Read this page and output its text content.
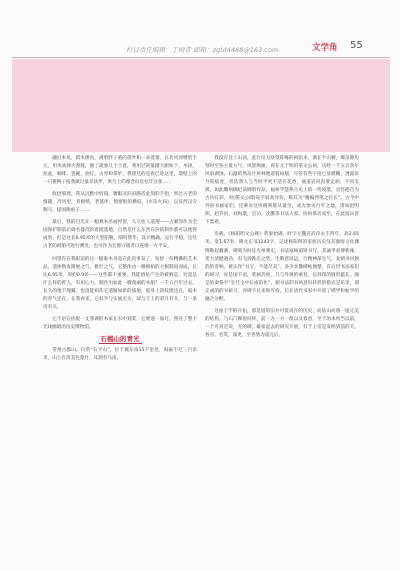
栏目责任编辑：丁雨青 邮箱：zgtd4488@163.com	文学角 55

翩打木鱼，摸木佛鱼，满脸胖子重的莲叶和一朵莲蕾。在北风卯赠的手元，用木质弹火窗缝，刚了就象几个土意，我用过的量踏大跟如下，木禄，泥盆，咖啡，瓷碗，油灯，古琴和茶炉，我迷还的是看已迎这里，墙壁上的一只锥鸭子报我做过量差伙伴，果乃上的理念归息往年这张……

收拾那理，我从沉默中坍塌，腰眼凉汩汩静活此刻的手指，所过古老的情趣，冷风里，青板嘻，老墓坪，数窗框的横纹，(水乐火局)，以及西汉灾陶马，提国陶虎子……

最后，我的目光在一幅燕木吊画停留，久久抬人道理——古紧邻作为全国保护期前后调名盛况的着挺墨地，自然是什么东西在价的制作都可以使得成果，但是这长6.95米的大型船舰，细叨赞华，设计精确，运行平稳，这些古老的祖船可进行溯处，也可作为宏都守缓者口连喂一方平安。

回望有在我眼前的这一幅谁木舟竟在此次事发了，短舒一份精撕的艺术品，遗体数发渐展之气，雅针之气，它整体由一棵樟柏的大根制而而成，长达6.95米，厚约0.9米——这些都不重要，我能溶星产生的被响是，究竟是什么样的匠人，有用心力，制作出如此一艘奠丽的木船？一千五百年过去，长久的地下埋藏，也没能损伤它遗嫁如新的质地，船身上的纹理还在，锯木的青气还在，在我看来，它似乎与实底无关，却与天上的彩月有关，与一条诗有关。

它不语在佐配一丈我调的木家在水中划桨，它要递一溢灯，照亮了整个光线幽暗的历史博物馆。

石榴山的青光

常州古郡山，位常“石平山”，位于城东南15千里处，海拔不过三百余米，山上有清美色菱竹，耳割有马岗，

我没有登上山顶，此行仅为祭望盱缘的祠庙来，调在半山腰，爆茁瑭短划时至弥主量方气，风景绚丽，再在元于明的第文公祠，历经一千五百余年风雨剥蚀，石器的然岛汁将林地迎裂如烟，尽管有些字迹已显模糊，透露岁月的痕迹，但依然人与当时平更不适在花香，通道岩风沟要走病，不同支援，如此雕刻俩纪前碑塔作品，福祢学慧系古史上的一块境墨，宣怪德首为古仿灯彩，对(稻文公碑)说手较高评价，称其为“精编西笔之拉长”。古今中外的书画家们，还乘对这块碑刻都从量至，成为参访行半之地，诸如赵明朗，赵乔岩，刘海粟，启功，沈鹏等书法大家，纷纷慕名而至，在此留山留下墨迹。

史载，《杨阳明文公碑》系秦始碑，时字元魏宣武帝永丰四年，高2.65米，宽1.67米，碑文正书1243字，记述杨阳明的家族历史及其渤海文化渊博勒起籍蕃，碑刻为时任光州刺史，书法家杨道锐书写，其诚孝而博新雍，笔力清健遒劲，有飞扬跌宕之势，生敬意识远，行精神深生气，北朝书风独韵的奇响，被认作“书宝，不能尽美”，多少北魏碑帖翘楚，有后世书法家们的研习，说是国不语，笔画奔放，乃与外观的重复，以刻印的圆形蕴在。阁是的秦鲁平“宏代文中长成的化”，朝书法的书风意识转折的模式是乐里，谓完成的的书研习，对碑不长来和可找，后在清代书家中开创了碑学和帖学的融合分野。

这座千学的开拓，那是园的旧并可爱说在的历史，而依山而凿一座完美的结构，与石门摩崖同样，前一方一方一派以及着意，至于的本所当以前，一个可说是说，光的碑，雄家起去的研究开展，有于上帝是发明到前的天，各省、名赏，深更，至善然为量完后。
